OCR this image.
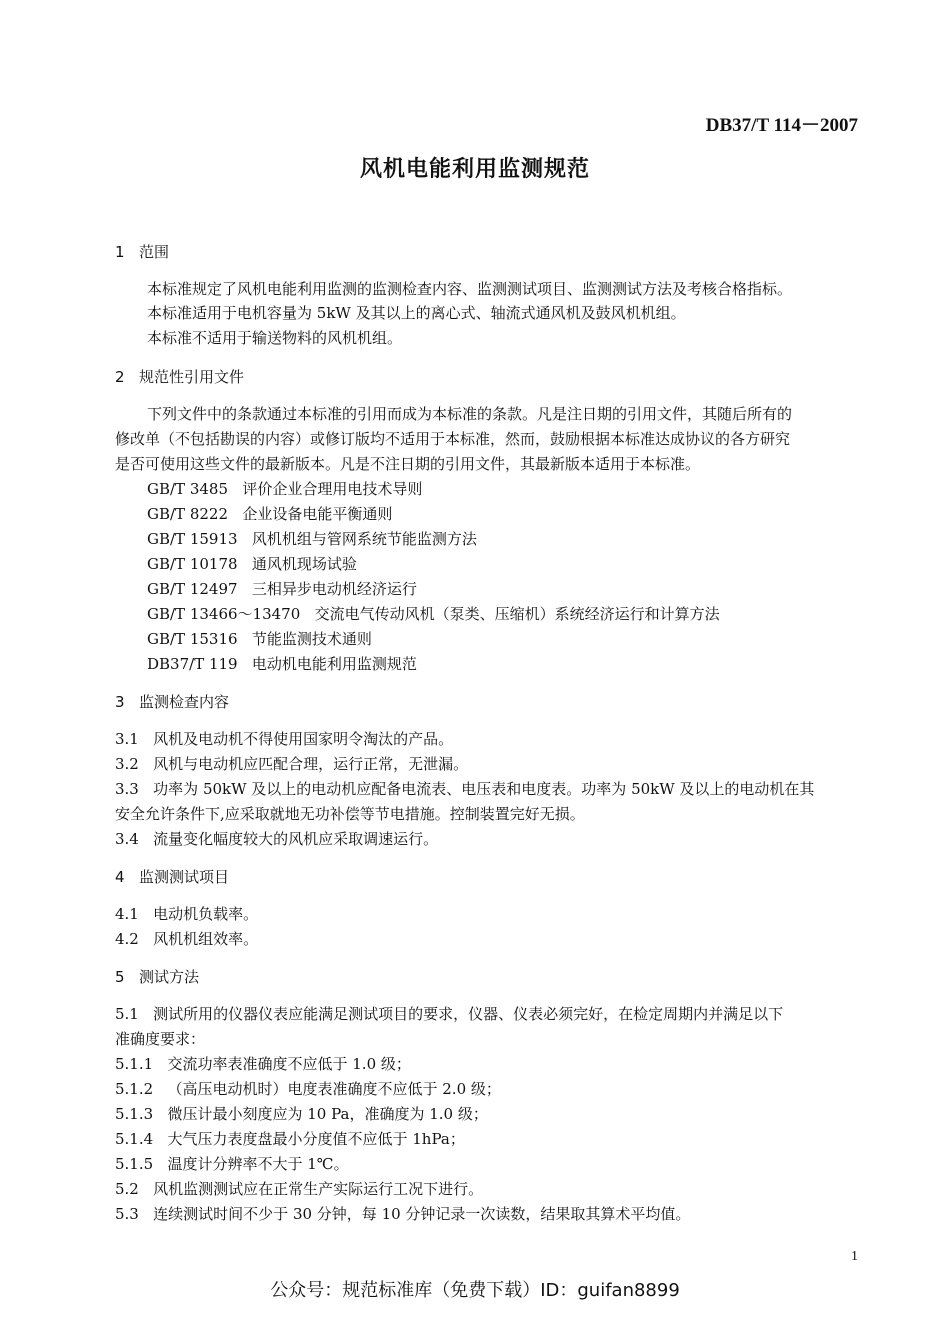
DB37/T 114－2007
风机电能利用监测规范
1 范围
本标准规定了风机电能利用监测的监测检查内容、监测测试项目、监测测试方法及考核合格指标。
本标准适用于电机容量为 5kW 及其以上的离心式、轴流式通风机及鼓风机机组。
本标准不适用于输送物料的风机机组。
2 规范性引用文件
下列文件中的条款通过本标准的引用而成为本标准的条款。凡是注日期的引用文件，其随后所有的
修改单（不包括勘误的内容）或修订版均不适用于本标准，然而，鼓励根据本标准达成协议的各方研究
是否可使用这些文件的最新版本。凡是不注日期的引用文件，其最新版本适用于本标准。
GB/T 3485 评价企业合理用电技术导则
GB/T 8222 企业设备电能平衡通则
GB/T 15913 风机机组与管网系统节能监测方法
GB/T 10178 通风机现场试验
GB/T 12497 三相异步电动机经济运行
GB/T 13466～13470 交流电气传动风机（泵类、压缩机）系统经济运行和计算方法
GB/T 15316 节能监测技术通则
DB37/T 119 电动机电能利用监测规范
3 监测检查内容
3.1 风机及电动机不得使用国家明令淘汰的产品。
3.2 风机与电动机应匹配合理，运行正常，无泄漏。
3.3 功率为 50kW 及以上的电动机应配备电流表、电压表和电度表。功率为 50kW 及以上的电动机在其
安全允许条件下,应采取就地无功补偿等节电措施。控制装置完好无损。
3.4 流量变化幅度较大的风机应采取调速运行。
4 监测测试项目
4.1 电动机负载率。
4.2 风机机组效率。
5 测试方法
5.1 测试所用的仪器仪表应能满足测试项目的要求，仪器、仪表必须完好，在检定周期内并满足以下
准确度要求：
5.1.1 交流功率表准确度不应低于 1.0 级；
5.1.2 （高压电动机时）电度表准确度不应低于 2.0 级；
5.1.3 微压计最小刻度应为 10 Pa，准确度为 1.0 级；
5.1.4 大气压力表度盘最小分度值不应低于 1hPa；
5.1.5 温度计分辨率不大于 1℃。
5.2 风机监测测试应在正常生产实际运行工况下进行。
5.3 连续测试时间不少于 30 分钟，每 10 分钟记录一次读数，结果取其算术平均值。
1
公众号：规范标准库（免费下载）ID：guifan8899
